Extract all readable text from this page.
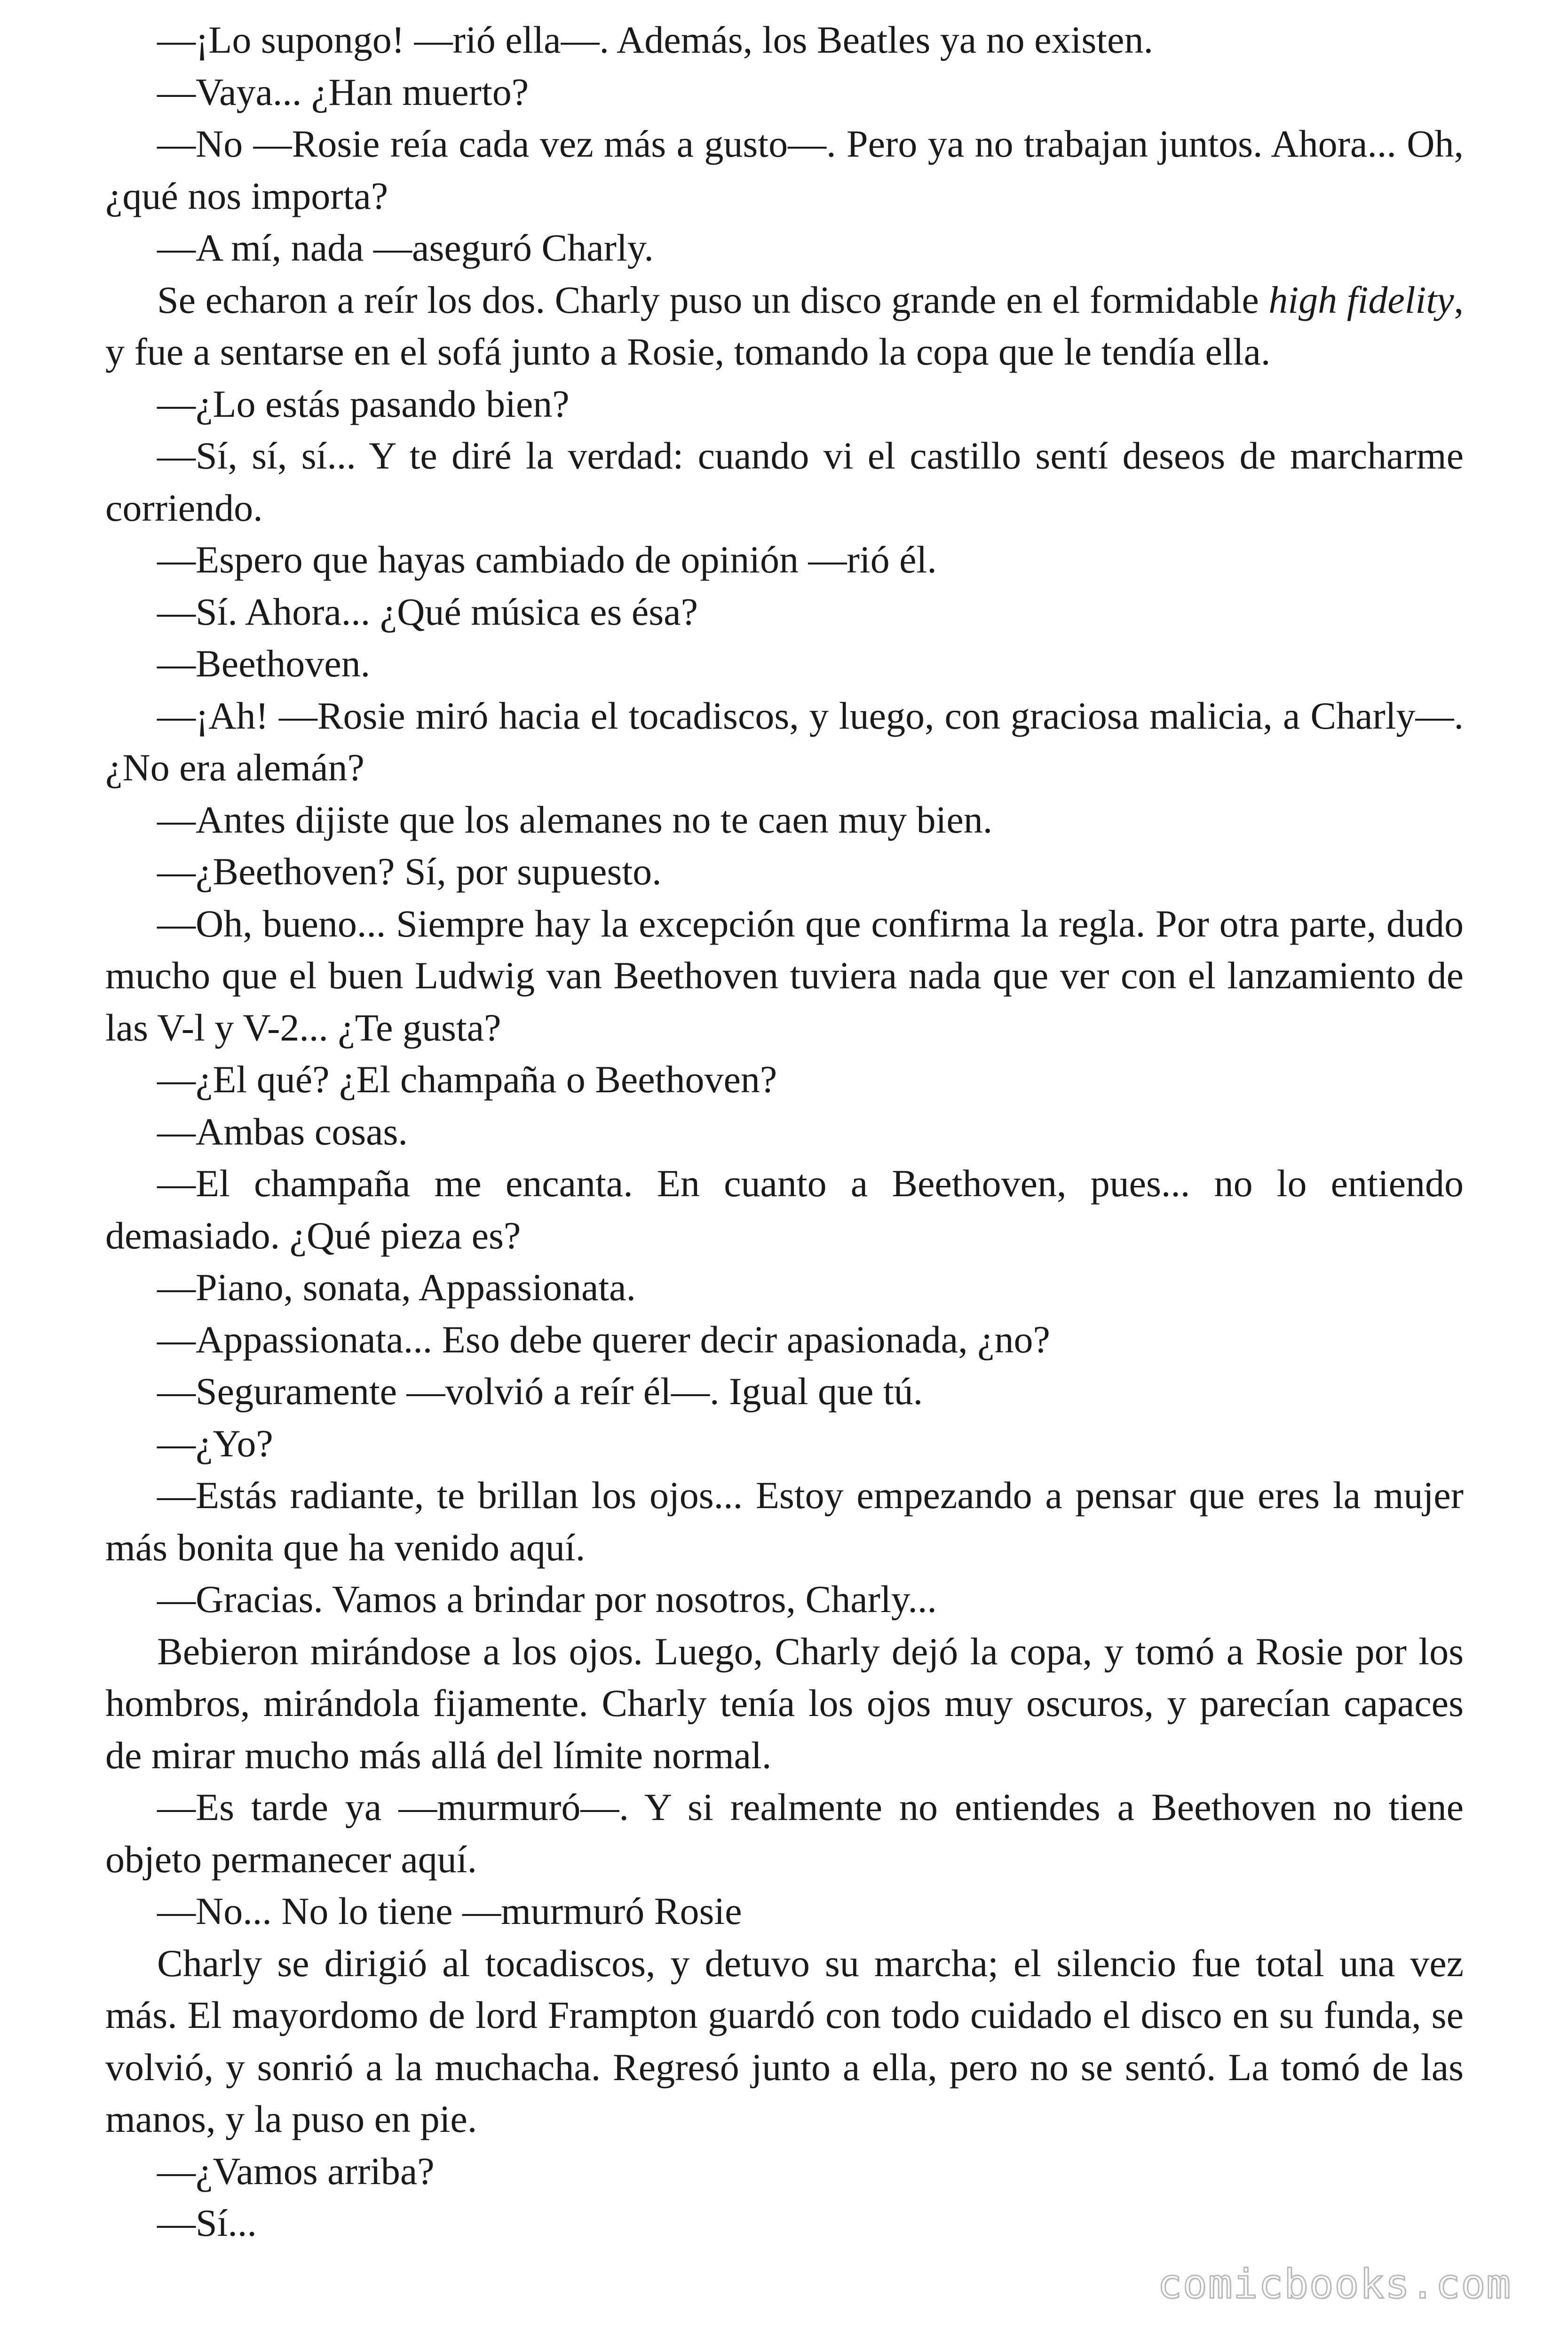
—¡Lo supongo! —rió ella—. Además, los Beatles ya no existen.

—Vaya... ¿Han muerto?

—No —Rosie reía cada vez más a gusto—. Pero ya no trabajan juntos. Ahora... Oh, ¿qué nos importa?

—A mí, nada —aseguró Charly.

Se echaron a reír los dos. Charly puso un disco grande en el formidable high fidelity, y fue a sentarse en el sofá junto a Rosie, tomando la copa que le tendía ella.

—¿Lo estás pasando bien?

—Sí, sí, sí... Y te diré la verdad: cuando vi el castillo sentí deseos de marcharme corriendo.

—Espero que hayas cambiado de opinión —rió él.

—Sí. Ahora... ¿Qué música es ésa?

—Beethoven.

—¡Ah! —Rosie miró hacia el tocadiscos, y luego, con graciosa malicia, a Charly—. ¿No era alemán?

—Antes dijiste que los alemanes no te caen muy bien.

—¿Beethoven? Sí, por supuesto.

—Oh, bueno... Siempre hay la excepción que confirma la regla. Por otra parte, dudo mucho que el buen Ludwig van Beethoven tuviera nada que ver con el lanzamiento de las V-l y V-2... ¿Te gusta?

—¿El qué? ¿El champaña o Beethoven?

—Ambas cosas.

—El champaña me encanta. En cuanto a Beethoven, pues... no lo entiendo demasiado. ¿Qué pieza es?

—Piano, sonata, Appassionata.

—Appassionata... Eso debe querer decir apasionada, ¿no?

—Seguramente —volvió a reír él—. Igual que tú.

—¿Yo?

—Estás radiante, te brillan los ojos... Estoy empezando a pensar que eres la mujer más bonita que ha venido aquí.

—Gracias. Vamos a brindar por nosotros, Charly...

Bebieron mirándose a los ojos. Luego, Charly dejó la copa, y tomó a Rosie por los hombros, mirándola fijamente. Charly tenía los ojos muy oscuros, y parecían capaces de mirar mucho más allá del límite normal.

—Es tarde ya —murmuró—. Y si realmente no entiendes a Beethoven no tiene objeto permanecer aquí.

—No... No lo tiene —murmuró Rosie

Charly se dirigió al tocadiscos, y detuvo su marcha; el silencio fue total una vez más. El mayordomo de lord Frampton guardó con todo cuidado el disco en su funda, se volvió, y sonrió a la muchacha. Regresó junto a ella, pero no se sentó. La tomó de las manos, y la puso en pie.

—¿Vamos arriba?

—Sí...

comicbooks.com
